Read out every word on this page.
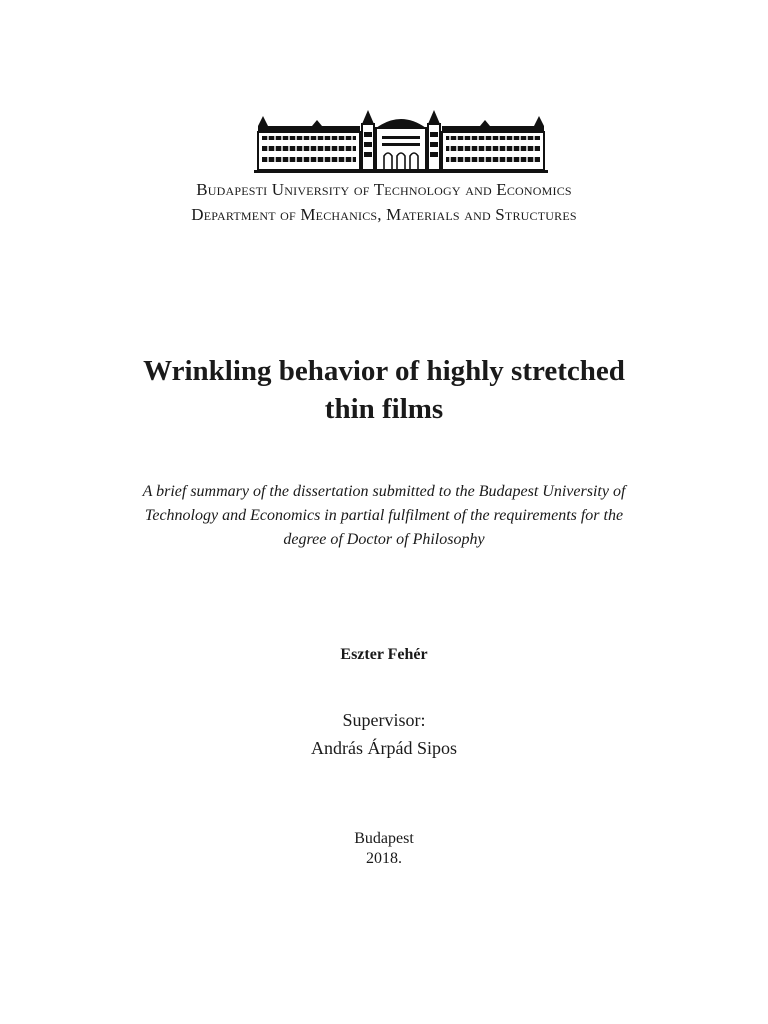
Budapesti University of Technology and Economics
Department of Mechanics, Materials and Structures
Wrinkling behavior of highly stretched
thin films
A brief summary of the dissertation submitted to the Budapest University of
Technology and Economics in partial fulfilment of the requirements for the
degree of Doctor of Philosophy
Eszter Fehér
Supervisor:
András Árpád Sipos
Budapest
2018.
